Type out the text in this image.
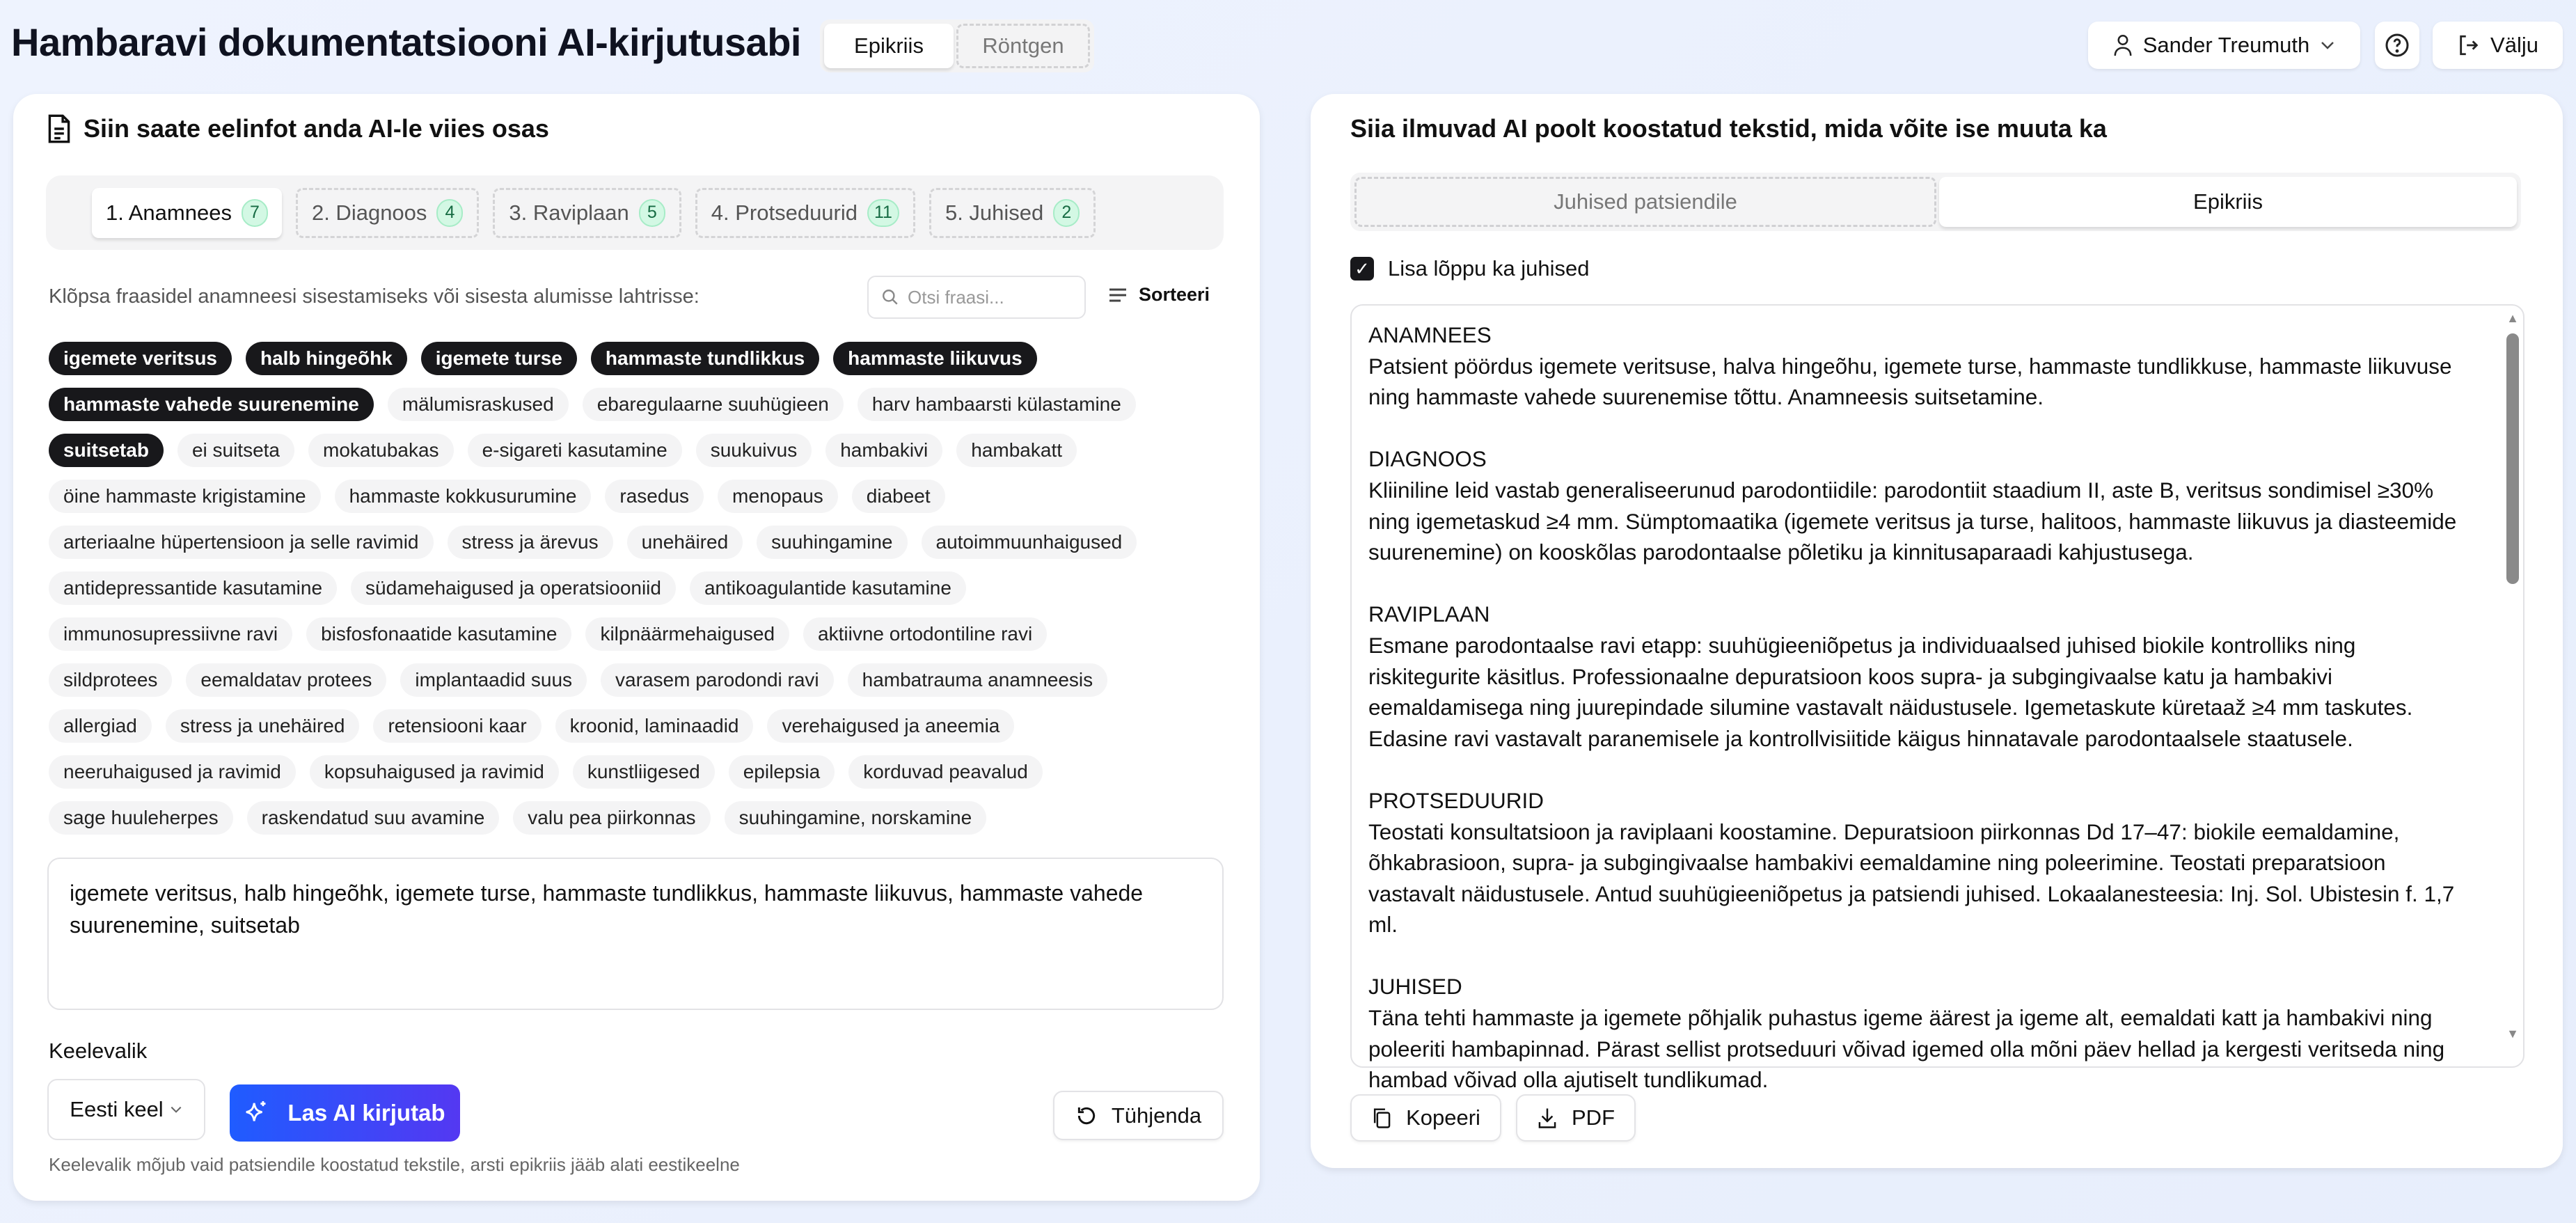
Hambaravi dokumentatsiooni AI-kirjutusabi	Epikriis	Röntgen	Sander Treumuth	Välju
Siin saate eelinfot anda AI-le viies osas
1. Anamnees	7	2. Diagnoos	4	3. Raviplaan	5	4. Protseduurid 11	5. Juhised	2
Klõpsa fraasidel anamneesi sisestamiseks või sisesta alumisse lahtrisse:	Otsi fraasi...	Sorteeri
igemete veritsus	halb hingeõhk	igemete turse	hammaste tundlikkus	hammaste liikuvus
hammaste vahede suurenemine	mälumisraskused	ebaregulaarne suuhügieen	harv hambaarsti külastamine
suitsetab	ei suitseta	mokatubakas	e-sigareti kasutamine	suukuivus	hambakivi	hambakatt
öine hammaste krigistamine	hammaste kokkusurumine	rasedus	menopaus	diabeet
arteriaalne hüpertensioon ja selle ravimid	stress ja ärevus	unehäired	suuhingamine	autoimmuunhaigused
antidepressantide kasutamine	südamehaigused ja operatsiooniid	antikoagulantide kasutamine
immunosupressiivne ravi	bisfosfonaatide kasutamine	kilpnäärmehaigused	aktiivne ortodontiline ravi
sildprotees	eemaldatav protees	implantaadid suus	varasem parodondi ravi	hambatrauma anamneesis
allergiad	stress ja unehäired	retensiooni kaar	kroonid, laminaadid	verehaigused ja aneemia
neeruhaigused ja ravimid	kopsuhaigused ja ravimid	kunstliigesed	epilepsia	korduvad peavalud
sage huuleherpes	raskendatud suu avamine	valu pea piirkonnas	suuhingamine, norskamine
igemete veritsus, halb hingeõhk, igemete turse, hammaste tundlikkus, hammaste liikuvus, hammaste vahede suurenemine, suitsetab
Keelevalik
Eesti keel	Las AI kirjutab	Tühjenda
Keelevalik mõjub vaid patsiendile koostatud tekstile, arsti epikriis jääb alati eestikeelne
Siia ilmuvad AI poolt koostatud tekstid, mida võite ise muuta ka
Juhised patsiendile	Epikriis
✓ Lisa lõppu ka juhised
ANAMNEES
Patsient pöördus igemete veritsuse, halva hingeõhu, igemete turse, hammaste tundlikkuse, hammaste liikuvuse ning hammaste vahede suurenemise tõttu. Anamneesis suitsetamine.
DIAGNOOS
Kliiniline leid vastab generaliseerunud parodontiidile: parodontiit staadium II, aste B, veritsus sondimisel ≥30% ning igemetaskud ≥4 mm. Sümptomaatika (igemete veritsus ja turse, halitoos, hammaste liikuvus ja diasteemide suurenemine) on kooskõlas parodontaalse põletiku ja kinnitusaparaadi kahjustusega.
RAVIPLAAN
Esmane parodontaalse ravi etapp: suuhügieeniõpetus ja individuaalsed juhised biokile kontrolliks ning riskitegurite käsitlus. Professionaalne depuratsioon koos supra- ja subgingivaalse katu ja hambakivi eemaldamisega ning juurepindade silumine vastavalt näidustusele. Igemetaskute küretaaž ≥4 mm taskutes. Edasine ravi vastavalt paranemisele ja kontrollvisiitide käigus hinnatavale parodontaalsele staatusele.
PROTSEDUURID
Teostati konsultatsioon ja raviplaani koostamine. Depuratsioon piirkonnas Dd 17–47: biokile eemaldamine, õhkabrasioon, supra- ja subgingivaalse hambakivi eemaldamine ning poleerimine. Teostati preparatsioon vastavalt näidustusele. Antud suuhügieeniõpetus ja patsiendi juhised. Lokaalanesteesia: Inj. Sol. Ubistesin f. 1,7 ml.
JUHISED
Täna tehti hammaste ja igemete põhjalik puhastus igeme äärest ja igeme alt, eemaldati katt ja hambakivi ning poleeriti hambapinnad. Pärast sellist protseduuri võivad igemed olla mõni päev hellad ja kergesti veritseda ning hambad võivad olla ajutiselt tundlikumad.
▲
▼
Kopeeri	PDF
